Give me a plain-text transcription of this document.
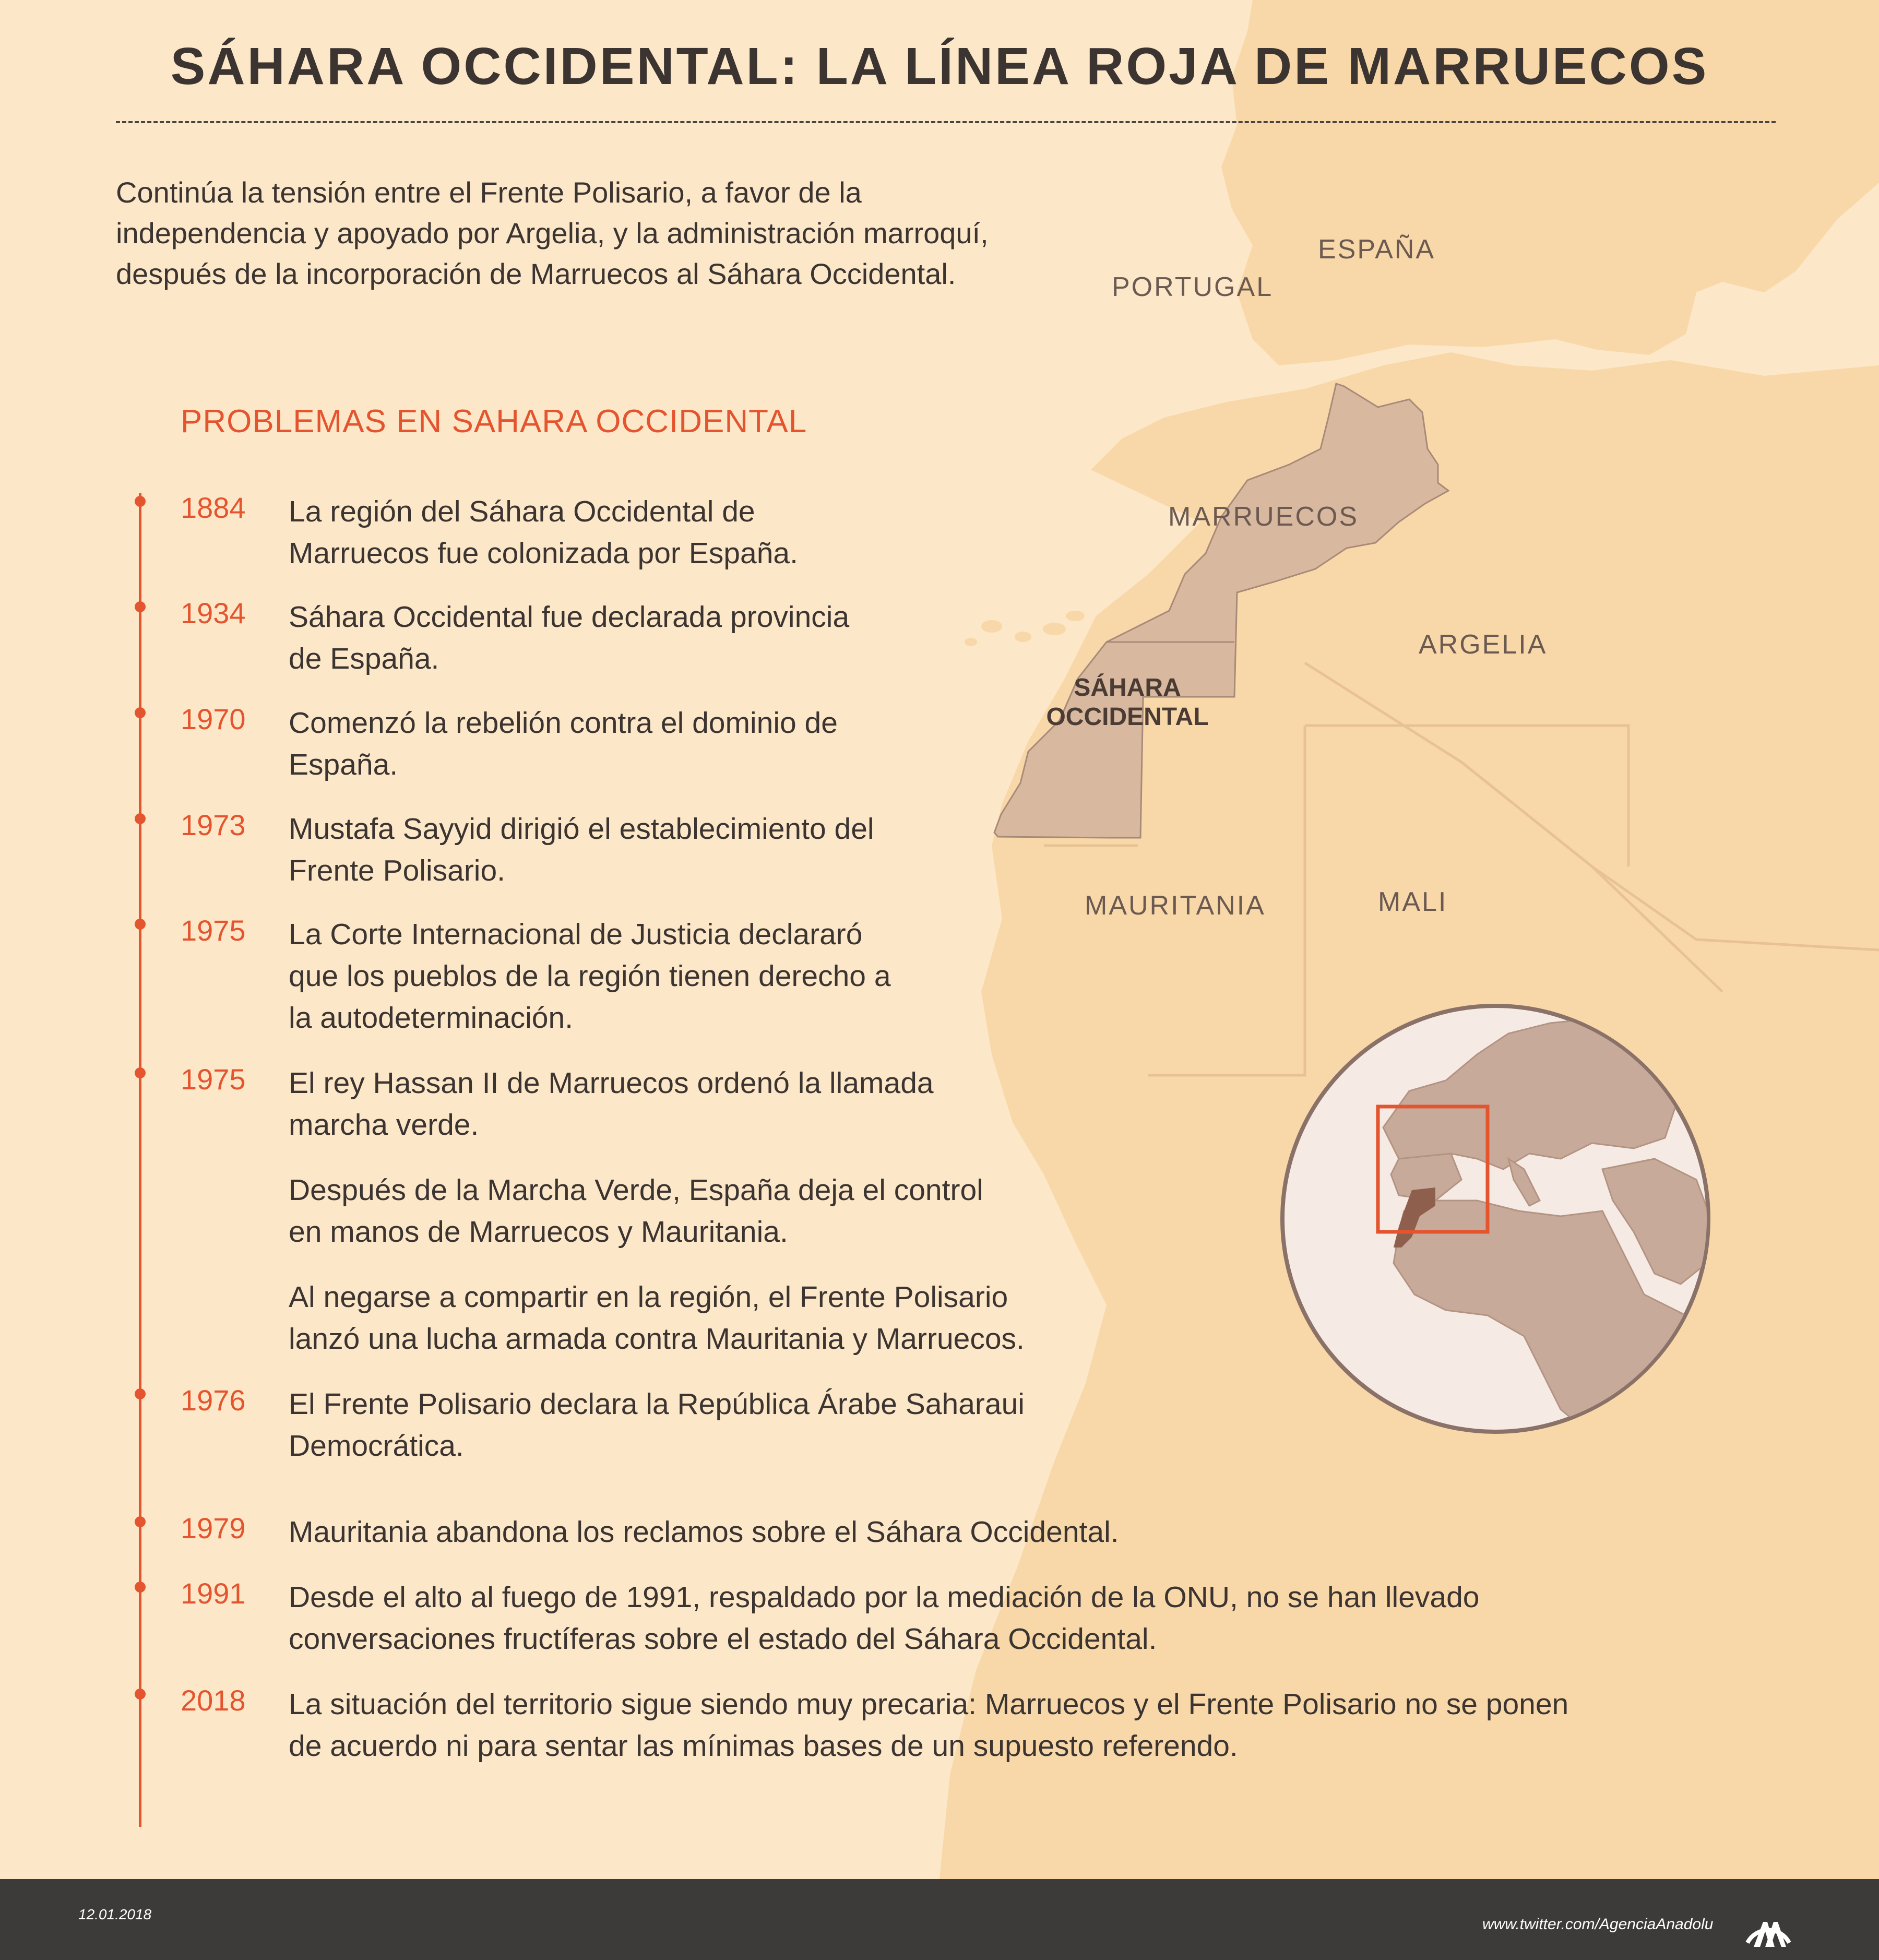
ESPAÑA
PORTUGAL
MARRUECOS
ARGELIA
SÁHARA
OCCIDENTAL
MAURITANIA	MALI
SÁHARA OCCIDENTAL: LA LÍNEA ROJA DE MARRUECOS
Continúa la tensión entre el Frente Polisario, a favor de la
independencia y apoyado por Argelia, y la administración marroquí,
después de la incorporación de Marruecos al Sáhara Occidental.
PROBLEMAS EN SAHARA OCCIDENTAL
1884 La región del Sáhara Occidental de
Marruecos fue colonizada por España.
1934 Sáhara Occidental fue declarada provincia
de España.
1970 Comenzó la rebelión contra el dominio de
España.
1973 Mustafa Sayyid dirigió el establecimiento del
Frente Polisario.
1975 La Corte Internacional de Justicia declararó
que los pueblos de la región tienen derecho a
la autodeterminación.
1975 El rey Hassan II de Marruecos ordenó la llamada
marcha verde.
Después de la Marcha Verde, España deja el control
en manos de Marruecos y Mauritania.
Al negarse a compartir en la región, el Frente Polisario
lanzó una lucha armada contra Mauritania y Marruecos.
1976 El Frente Polisario declara la República Árabe Saharaui
Democrática.
1979 Mauritania abandona los reclamos sobre el Sáhara Occidental.
1991 Desde el alto al fuego de 1991, respaldado por la mediación de la ONU, no se han llevado
conversaciones fructíferas sobre el estado del Sáhara Occidental.
2018 La situación del territorio sigue siendo muy precaria: Marruecos y el Frente Polisario no se ponen
de acuerdo ni para sentar las mínimas bases de un supuesto referendo.
12.01.2018
www.twitter.com/AgenciaAnadolu
